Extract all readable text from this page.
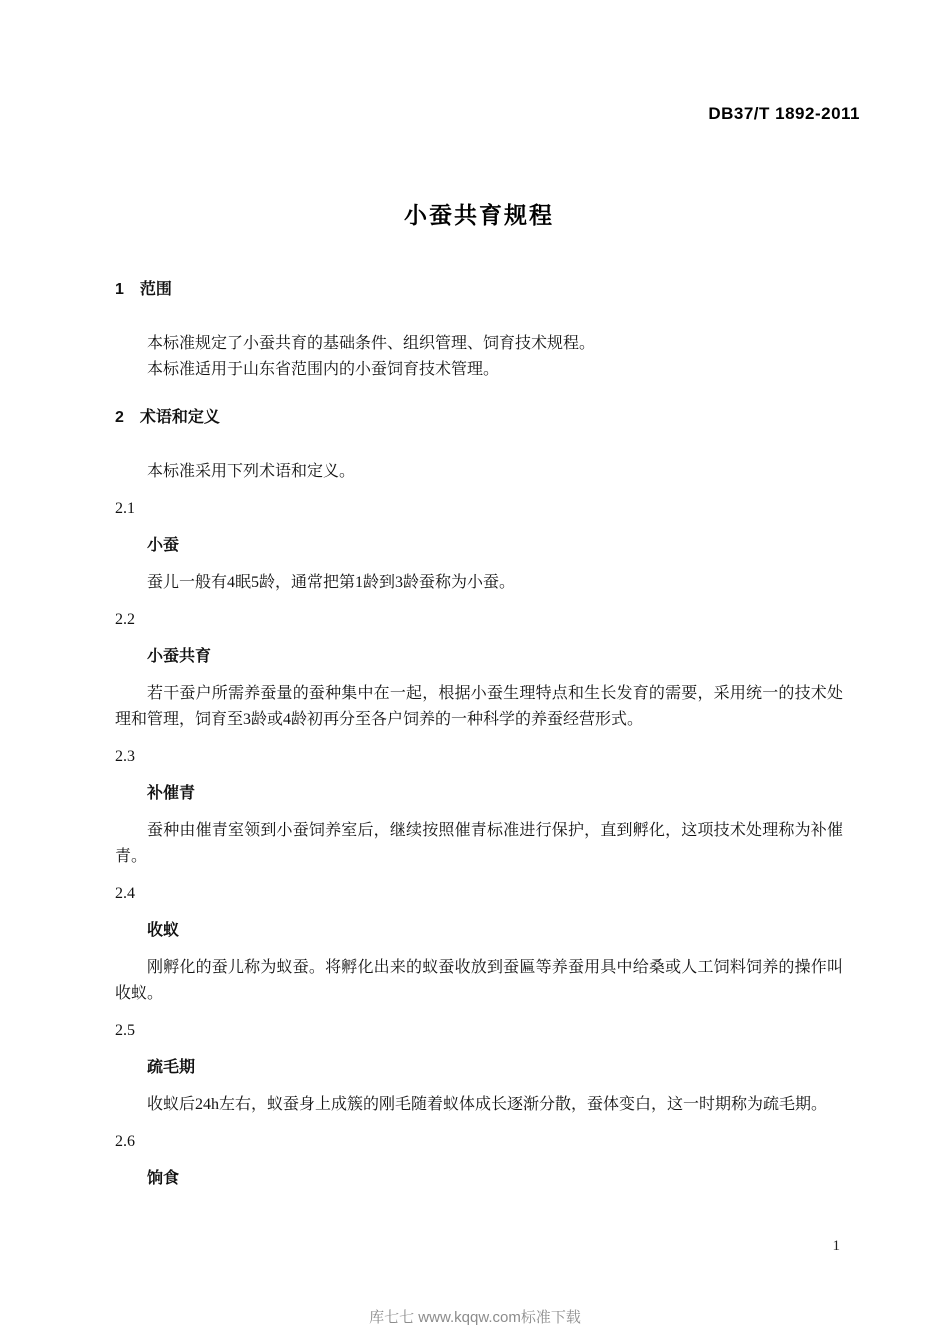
DB37/T 1892-2011
小蚕共育规程
1　范围
本标准规定了小蚕共育的基础条件、组织管理、饲育技术规程。
本标准适用于山东省范围内的小蚕饲育技术管理。
2　术语和定义
本标准采用下列术语和定义。
2.1
小蚕
蚕儿一般有4眠5龄，通常把第1龄到3龄蚕称为小蚕。
2.2
小蚕共育
若干蚕户所需养蚕量的蚕种集中在一起，根据小蚕生理特点和生长发育的需要，采用统一的技术处理和管理，饲育至3龄或4龄初再分至各户饲养的一种科学的养蚕经营形式。
2.3
补催青
蚕种由催青室领到小蚕饲养室后，继续按照催青标准进行保护，直到孵化，这项技术处理称为补催青。
2.4
收蚁
刚孵化的蚕儿称为蚁蚕。将孵化出来的蚁蚕收放到蚕匾等养蚕用具中给桑或人工饲料饲养的操作叫收蚁。
2.5
疏毛期
收蚁后24h左右，蚁蚕身上成簇的刚毛随着蚁体成长逐渐分散，蚕体变白，这一时期称为疏毛期。
2.6
饷食
1
库七七 www.kqqw.com标准下载
